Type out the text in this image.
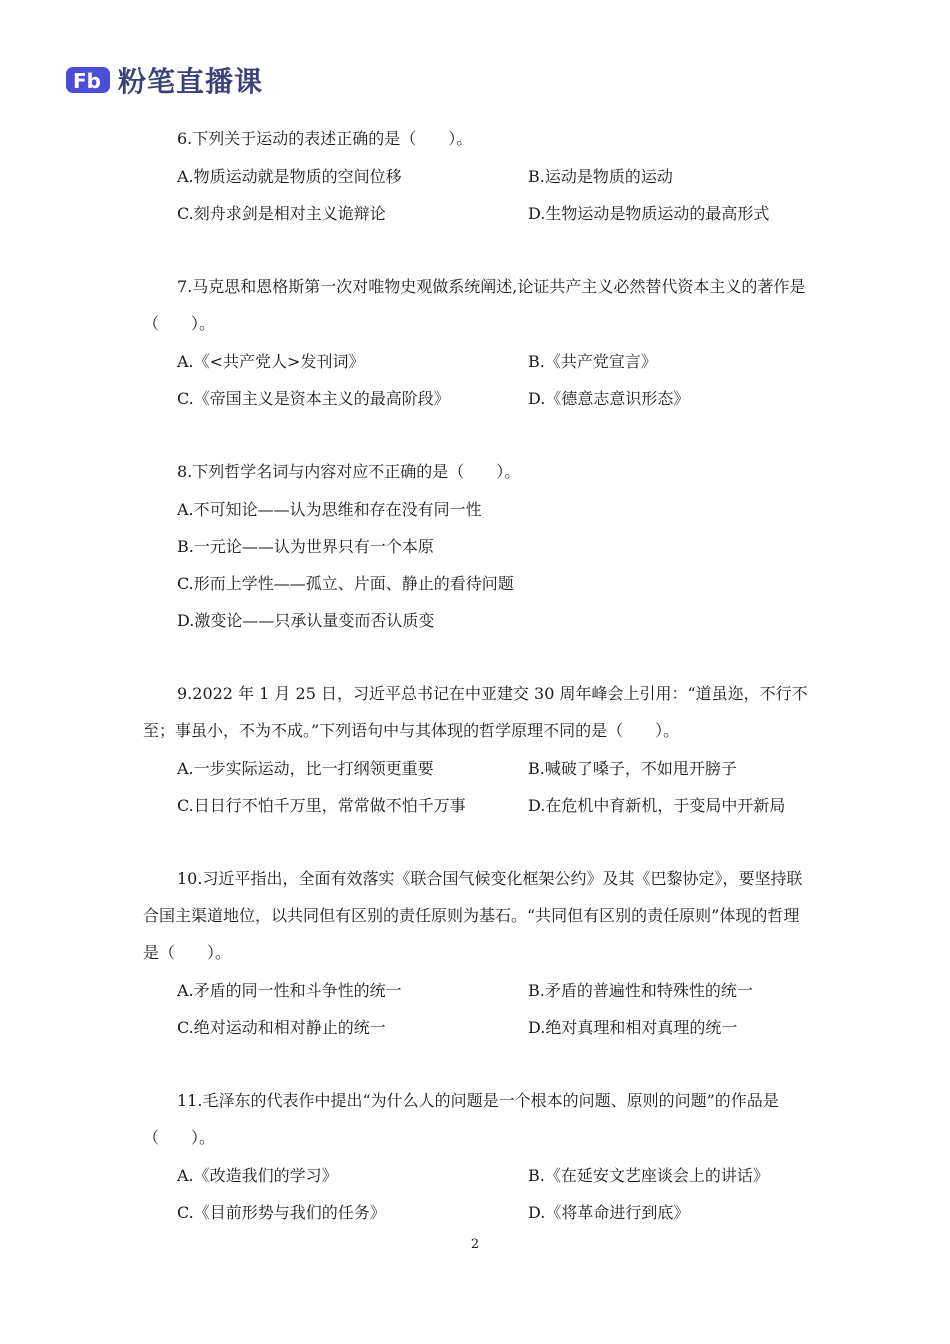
Fb 粉笔直播课

6.下列关于运动的表述正确的是（　　）。

A.物质运动就是物质的空间位移	B.运动是物质的运动
C.刻舟求剑是相对主义诡辩论	D.生物运动是物质运动的最高形式

7.马克思和恩格斯第一次对唯物史观做系统阐述,论证共产主义必然替代资本主义的著作是（　　）。

A.《<共产党人>发刊词》	B.《共产党宣言》
C.《帝国主义是资本主义的最高阶段》	D.《德意志意识形态》

8.下列哲学名词与内容对应不正确的是（　　）。

A.不可知论——认为思维和存在没有同一性
B.一元论——认为世界只有一个本原
C.形而上学性——孤立、片面、静止的看待问题
D.激变论——只承认量变而否认质变

9.2022 年 1 月 25 日，习近平总书记在中亚建交 30 周年峰会上引用：“道虽迩，不行不至；事虽小，不为不成。”下列语句中与其体现的哲学原理不同的是（　　）。

A.一步实际运动，比一打纲领更重要	B.喊破了嗓子，不如甩开膀子
C.日日行不怕千万里，常常做不怕千万事	D.在危机中育新机，于变局中开新局

10.习近平指出，全面有效落实《联合国气候变化框架公约》及其《巴黎协定》，要坚持联合国主渠道地位，以共同但有区别的责任原则为基石。“共同但有区别的责任原则”体现的哲理是（　　）。

A.矛盾的同一性和斗争性的统一	B.矛盾的普遍性和特殊性的统一
C.绝对运动和相对静止的统一	D.绝对真理和相对真理的统一

11.毛泽东的代表作中提出“为什么人的问题是一个根本的问题、原则的问题”的作品是（　　）。

A.《改造我们的学习》	B.《在延安文艺座谈会上的讲话》
C.《目前形势与我们的任务》	D.《将革命进行到底》
2
